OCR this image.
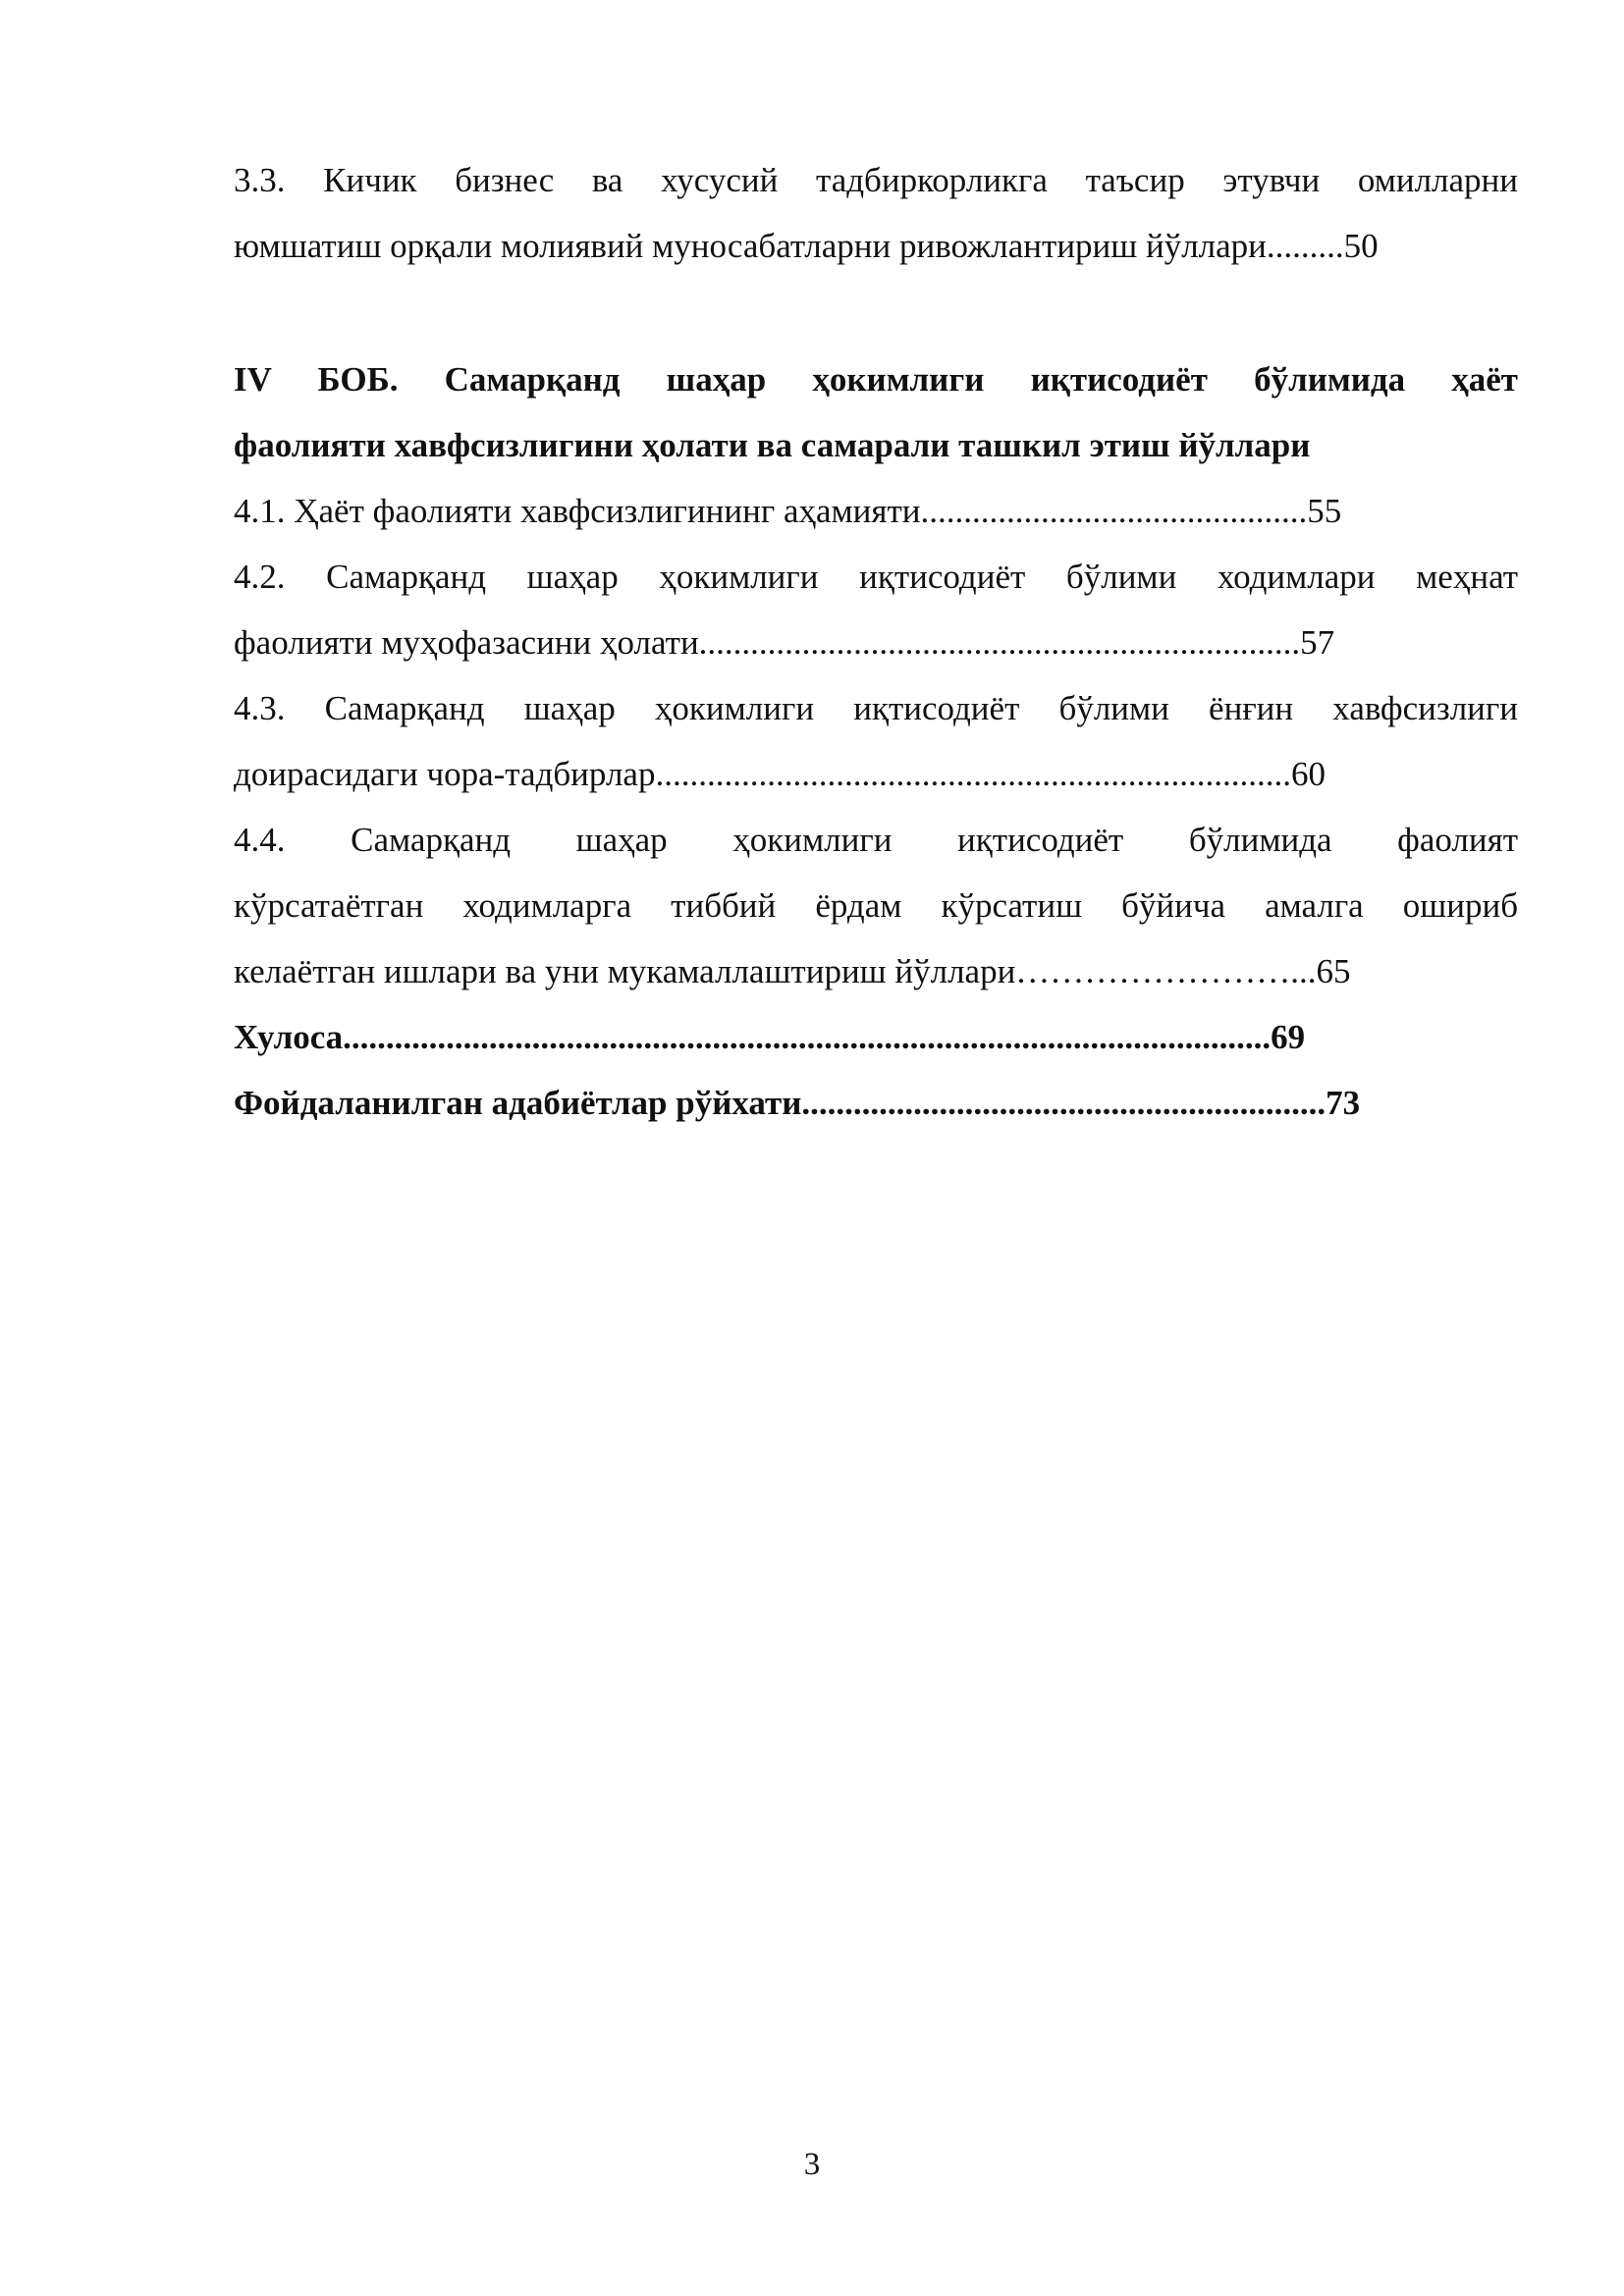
3.3. Кичик бизнес ва хусусий тадбиркорликга таъсир этувчи омилларни
юмшатиш орқали молиявий муносабатларни ривожлантириш йўллари.........50
IV БОБ. Самарқанд шаҳар ҳокимлиги иқтисодиёт бўлимида ҳаёт
фаолияти хавфсизлигини ҳолати ва самарали ташкил этиш йўллари
4.1. Ҳаёт фаолияти хавфсизлигининг аҳамияти.............................................55
4.2. Самарқанд шаҳар ҳокимлиги иқтисодиёт бўлими ходимлари меҳнат
фаолияти муҳофазасини ҳолати......................................................................57
4.3. Самарқанд шаҳар ҳокимлиги иқтисодиёт бўлими ёнғин хавфсизлиги
доирасидаги чора-тадбирлар..........................................................................60
4.4. Самарқанд шаҳар ҳокимлиги иқтисодиёт бўлимида фаолият
кўрсатаётган ходимларга тиббий ёрдам кўрсатиш бўйича амалга ошириб
келаётган ишлари ва уни мукамаллаштириш йўллари……………………...65
Хулоса............................................................................................................69
Фойдаланилган адабиётлар рўйхати.............................................................73
3
